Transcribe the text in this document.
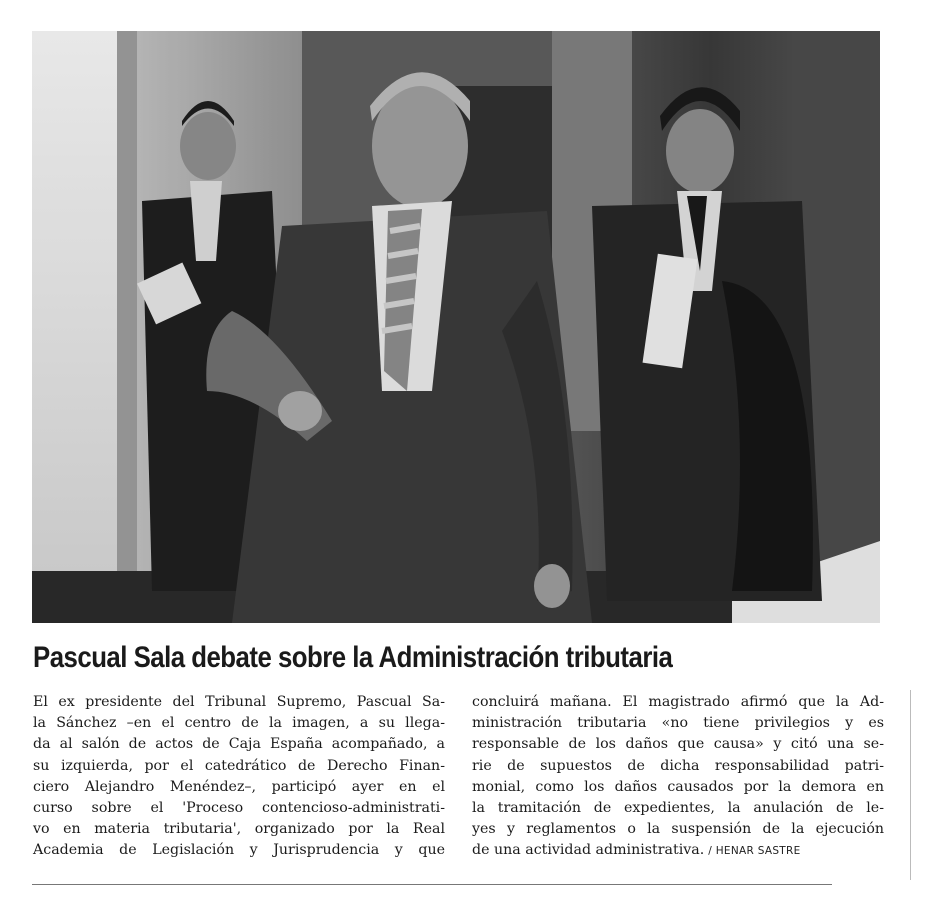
Pascual Sala debate sobre la Administración tributaria
El ex presidente del Tribunal Supremo, Pascual Sa-
la Sánchez –en el centro de la imagen, a su llega-
da al salón de actos de Caja España acompañado, a
su izquierda, por el catedrático de Derecho Finan-
ciero Alejandro Menéndez–, participó ayer en el
curso sobre el 'Proceso contencioso-administrati-
vo en materia tributaria', organizado por la Real
Academia de Legislación y Jurisprudencia y que
concluirá mañana. El magistrado afirmó que la Ad-
ministración tributaria «no tiene privilegios y es
responsable de los daños que causa» y citó una se-
rie de supuestos de dicha responsabilidad patri-
monial, como los daños causados por la demora en
la tramitación de expedientes, la anulación de le-
yes y reglamentos o la suspensión de la ejecución
de una actividad administrativa. / HENAR SASTRE
